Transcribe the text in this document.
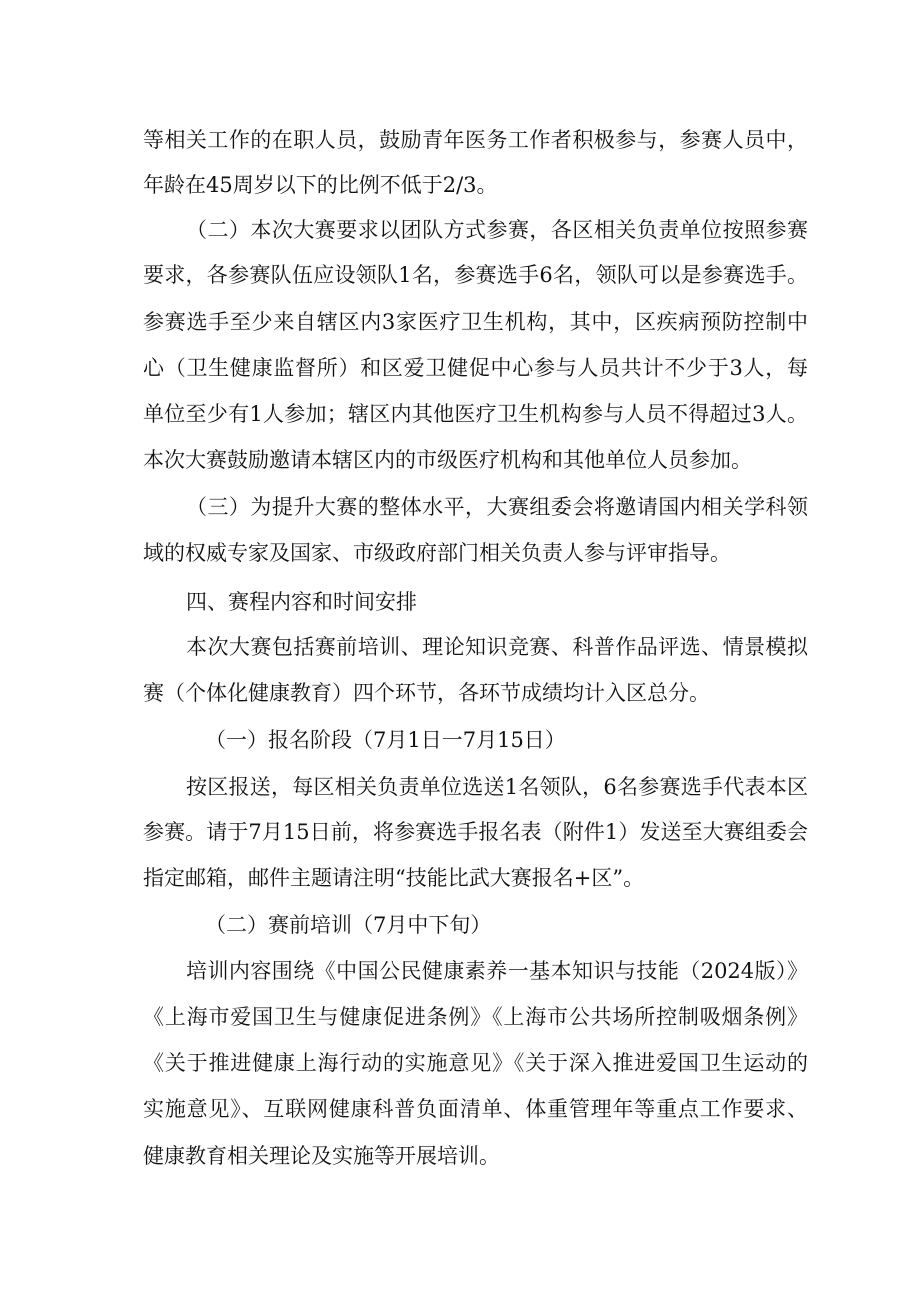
等相关工作的在职人员，鼓励青年医务工作者积极参与，参赛人员中，
年龄在45周岁以下的比例不低于2/3。
（二）本次大赛要求以团队方式参赛，各区相关负责单位按照参赛
要求，各参赛队伍应设领队1名，参赛选手6名，领队可以是参赛选手。
参赛选手至少来自辖区内3家医疗卫生机构，其中，区疾病预防控制中
心（卫生健康监督所）和区爱卫健促中心参与人员共计不少于3人，每
单位至少有1人参加；辖区内其他医疗卫生机构参与人员不得超过3人。
本次大赛鼓励邀请本辖区内的市级医疗机构和其他单位人员参加。
（三）为提升大赛的整体水平，大赛组委会将邀请国内相关学科领
域的权威专家及国家、市级政府部门相关负责人参与评审指导。
四、赛程内容和时间安排
本次大赛包括赛前培训、理论知识竞赛、科普作品评选、情景模拟
赛（个体化健康教育）四个环节，各环节成绩均计入区总分。
（一）报名阶段（7月1日一7月15日）
按区报送，每区相关负责单位选送1名领队，6名参赛选手代表本区
参赛。请于7月15日前，将参赛选手报名表（附件1）发送至大赛组委会
指定邮箱，邮件主题请注明“技能比武大赛报名+区”。
（二）赛前培训（7月中下旬）
培训内容围绕《中国公民健康素养一基本知识与技能（2024版）》
《上海市爱国卫生与健康促进条例》《上海市公共场所控制吸烟条例》
《关于推进健康上海行动的实施意见》《关于深入推进爱国卫生运动的
实施意见》、互联网健康科普负面清单、体重管理年等重点工作要求、
健康教育相关理论及实施等开展培训。
